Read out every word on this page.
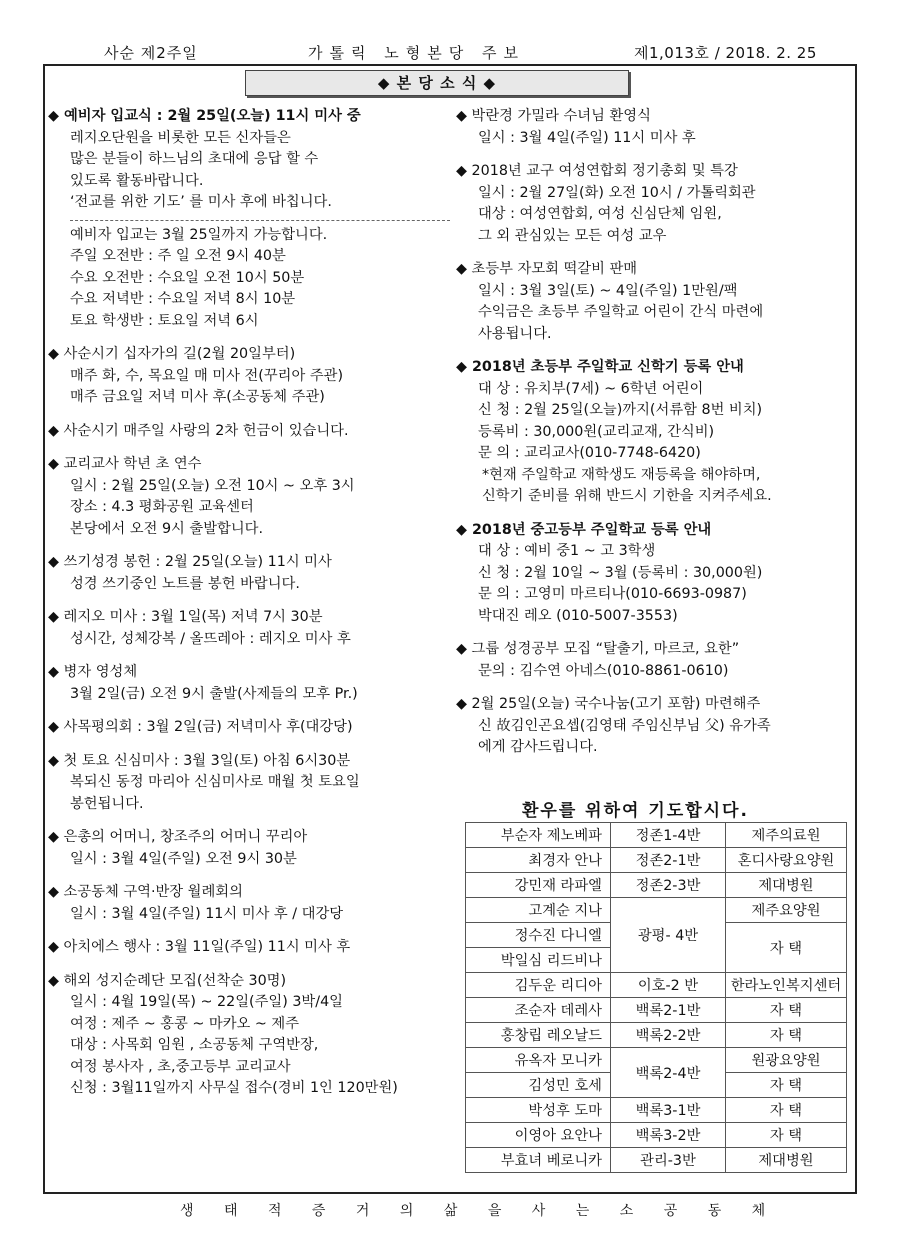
사순 제2주일	가톨릭 노형본당 주보	제1,013호 / 2018. 2. 25
◆ 본 당 소 식 ◆
◆ 예비자 입교식 : 2월 25일(오늘) 11시 미사 중
레지오단원을 비롯한 모든 신자들은
많은 분들이 하느님의 초대에 응답 할 수
있도록 활동바랍니다.
‘전교를 위한 기도’ 를 미사 후에 바칩니다.
예비자 입교는 3월 25일까지 가능합니다.
주일 오전반 : 주 일 오전 9시 40분
수요 오전반 : 수요일 오전 10시 50분
수요 저녁반 : 수요일 저녁 8시 10분
토요 학생반 : 토요일 저녁 6시
◆ 사순시기 십자가의 길(2월 20일부터)
매주 화, 수, 목요일 매 미사 전(꾸리아 주관)
매주 금요일 저녁 미사 후(소공동체 주관)
◆ 사순시기 매주일 사랑의 2차 헌금이 있습니다.
◆ 교리교사 학년 초 연수
일시 : 2월 25일(오늘) 오전 10시 ~ 오후 3시
장소 : 4.3 평화공원 교육센터
본당에서 오전 9시 출발합니다.
◆ 쓰기성경 봉헌 : 2월 25일(오늘) 11시 미사
성경 쓰기중인 노트를 봉헌 바랍니다.
◆ 레지오 미사 : 3월 1일(목) 저녁 7시 30분
성시간, 성체강복 / 올뜨레아 : 레지오 미사 후
◆ 병자 영성체
3월 2일(금) 오전 9시 출발(사제들의 모후 Pr.)
◆ 사목평의회 : 3월 2일(금) 저녁미사 후(대강당)
◆ 첫 토요 신심미사 : 3월 3일(토) 아침 6시30분
복되신 동정 마리아 신심미사로 매월 첫 토요일
봉헌됩니다.
◆ 은총의 어머니, 창조주의 어머니 꾸리아
일시 : 3월 4일(주일) 오전 9시 30분
◆ 소공동체 구역·반장 월례회의
일시 : 3월 4일(주일) 11시 미사 후 / 대강당
◆ 아치에스 행사 : 3월 11일(주일) 11시 미사 후
◆ 해외 성지순례단 모집(선착순 30명)
일시 : 4월 19일(목) ~ 22일(주일) 3박/4일
여정 : 제주 ~ 홍콩 ~ 마카오 ~ 제주
대상 : 사목회 임원 , 소공동체 구역반장,
여정 봉사자 , 초,중고등부 교리교사
신청 : 3월11일까지 사무실 접수(경비 1인 120만원)
◆ 박란경 가밀라 수녀님 환영식
일시 : 3월 4일(주일) 11시 미사 후
◆ 2018년 교구 여성연합회 정기총회 및 특강
일시 : 2월 27일(화) 오전 10시 / 가톨릭회관
대상 : 여성연합회, 여성 신심단체 임원,
그 외 관심있는 모든 여성 교우
◆ 초등부 자모회 떡갈비 판매
일시 : 3월 3일(토) ~ 4일(주일) 1만원/팩
수익금은 초등부 주일학교 어린이 간식 마련에
사용됩니다.
◆ 2018년 초등부 주일학교 신학기 등록 안내
대 상 : 유치부(7세) ~ 6학년 어린이
신 청 : 2월 25일(오늘)까지(서류함 8번 비치)
등록비 : 30,000원(교리교재, 간식비)
문 의 : 교리교사(010-7748-6420)
*현재 주일학교 재학생도 재등록을 해야하며,
신학기 준비를 위해 반드시 기한을 지켜주세요.
◆ 2018년 중고등부 주일학교 등록 안내
대 상 : 예비 중1 ~ 고 3학생
신 청 : 2월 10일 ~ 3월 (등록비 : 30,000원)
문 의 : 고영미 마르티나(010-6693-0987)
박대진 레오 (010-5007-3553)
◆ 그룹 성경공부 모집 “탈출기, 마르코, 요한”
문의 : 김수연 아네스(010-8861-0610)
◆ 2월 25일(오늘) 국수나눔(고기 포함) 마련해주
신 故김인곤요셉(김영태 주임신부님 父) 유가족
에게 감사드립니다.
환우를 위하여 기도합시다.
부순자 제노베파	정존1-4반	제주의료원
최경자 안나	정존2-1반	혼디사랑요양원
강민재 라파엘	정존2-3반	제대병원
고계순 지나	광평- 4반	제주요양원
정수진 다니엘		자 택
박일심 리드비나		
김두운 리디아	이호-2 반	한라노인복지센터
조순자 데레사	백록2-1반	자 택
홍창립 레오날드	백록2-2반	자 택
유옥자 모니카	백록2-4반	원광요양원
김성민 호세		자 택
박성후 도마	백록3-1반	자 택
이영아 요안나	백록3-2반	자 택
부효녀 베로니카	관리-3반	제대병원
생 태 적 증 거 의 삶 을 사 는 소 공 동 체
